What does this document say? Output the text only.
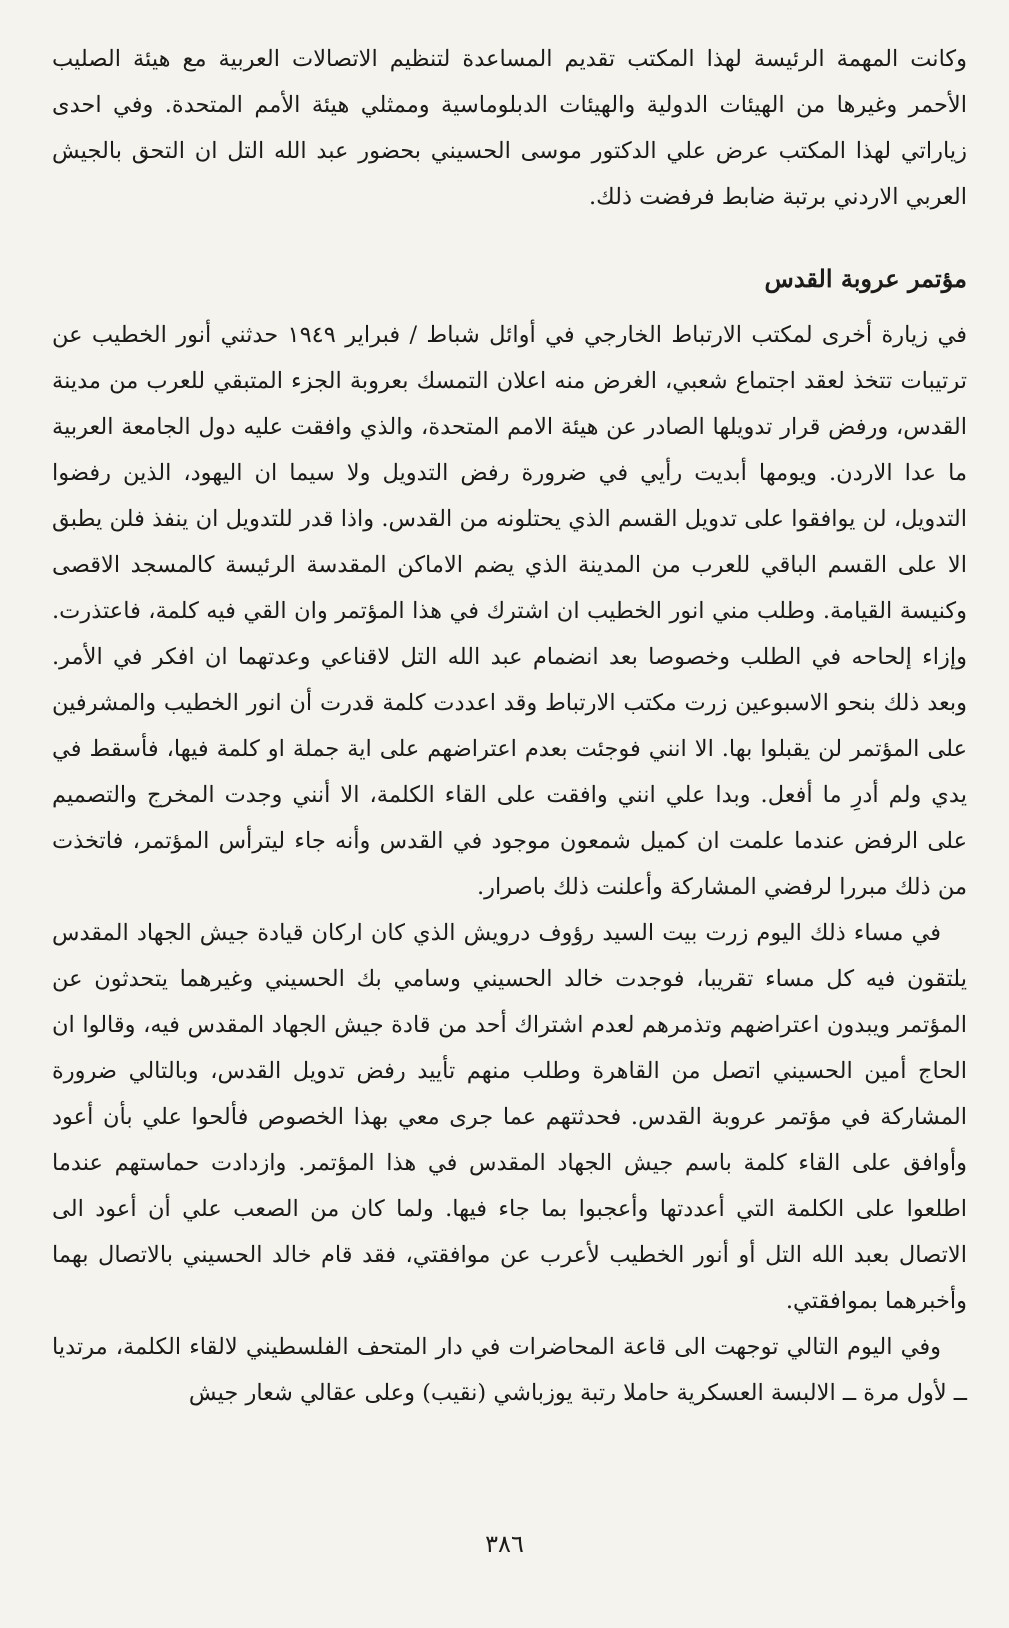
وكانت المهمة الرئيسة لهذا المكتب تقديم المساعدة لتنظيم الاتصالات العربية مع هيئة الصليب الأحمر وغيرها من الهيئات الدولية والهيئات الدبلوماسية وممثلي هيئة الأمم المتحدة. وفي احدى زياراتي لهذا المكتب عرض علي الدكتور موسى الحسيني بحضور عبد الله التل ان التحق بالجيش العربي الاردني برتبة ضابط فرفضت ذلك.

مؤتمر عروبة القدس

في زيارة أخرى لمكتب الارتباط الخارجي في أوائل شباط / فبراير ١٩٤٩ حدثني أنور الخطيب عن ترتيبات تتخذ لعقد اجتماع شعبي، الغرض منه اعلان التمسك بعروبة الجزء المتبقي للعرب من مدينة القدس، ورفض قرار تدويلها الصادر عن هيئة الامم المتحدة، والذي وافقت عليه دول الجامعة العربية ما عدا الاردن. ويومها أبديت رأيي في ضرورة رفض التدويل ولا سيما ان اليهود، الذين رفضوا التدويل، لن يوافقوا على تدويل القسم الذي يحتلونه من القدس. واذا قدر للتدويل ان ينفذ فلن يطبق الا على القسم الباقي للعرب من المدينة الذي يضم الاماكن المقدسة الرئيسة كالمسجد الاقصى وكنيسة القيامة. وطلب مني انور الخطيب ان اشترك في هذا المؤتمر وان القي فيه كلمة، فاعتذرت. وإزاء إلحاحه في الطلب وخصوصا بعد انضمام عبد الله التل لاقناعي وعدتهما ان افكر في الأمر. وبعد ذلك بنحو الاسبوعين زرت مكتب الارتباط وقد اعددت كلمة قدرت أن انور الخطيب والمشرفين على المؤتمر لن يقبلوا بها. الا انني فوجئت بعدم اعتراضهم على اية جملة او كلمة فيها، فأسقط في يدي ولم أدرِ ما أفعل. وبدا علي انني وافقت على القاء الكلمة، الا أنني وجدت المخرج والتصميم على الرفض عندما علمت ان كميل شمعون موجود في القدس وأنه جاء ليترأس المؤتمر، فاتخذت من ذلك مبررا لرفضي المشاركة وأعلنت ذلك باصرار.

في مساء ذلك اليوم زرت بيت السيد رؤوف درويش الذي كان اركان قيادة جيش الجهاد المقدس يلتقون فيه كل مساء تقريبا، فوجدت خالد الحسيني وسامي بك الحسيني وغيرهما يتحدثون عن المؤتمر ويبدون اعتراضهم وتذمرهم لعدم اشتراك أحد من قادة جيش الجهاد المقدس فيه، وقالوا ان الحاج أمين الحسيني اتصل من القاهرة وطلب منهم تأييد رفض تدويل القدس، وبالتالي ضرورة المشاركة في مؤتمر عروبة القدس. فحدثتهم عما جرى معي بهذا الخصوص فألحوا علي بأن أعود وأوافق على القاء كلمة باسم جيش الجهاد المقدس في هذا المؤتمر. وازدادت حماستهم عندما اطلعوا على الكلمة التي أعددتها وأعجبوا بما جاء فيها. ولما كان من الصعب علي أن أعود الى الاتصال بعبد الله التل أو أنور الخطيب لأعرب عن موافقتي، فقد قام خالد الحسيني بالاتصال بهما وأخبرهما بموافقتي.

وفي اليوم التالي توجهت الى قاعة المحاضرات في دار المتحف الفلسطيني لالقاء الكلمة، مرتديا ــ لأول مرة ــ الالبسة العسكرية حاملا رتبة يوزباشي (نقيب) وعلى عقالي شعار جيش

٣٨٦
